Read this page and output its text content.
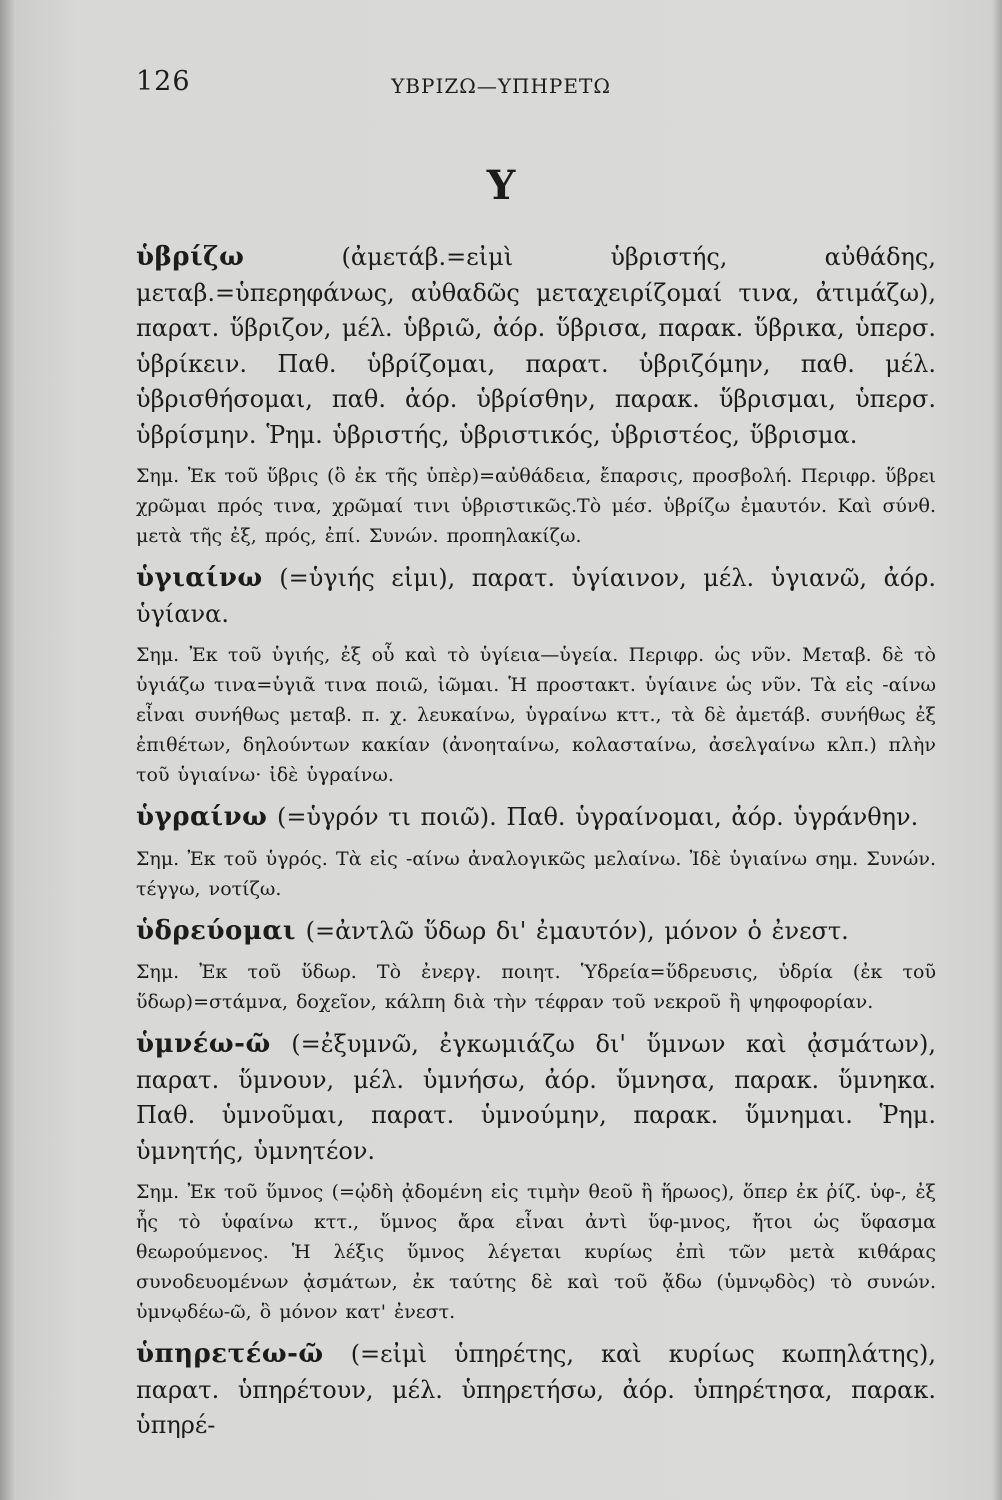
126	ΥΒΡΙΖΩ—ΥΠΗΡΕΤΩ
Υ

ὑβρίζω (ἀμετάβ.=εἰμὶ ὑβριστής, αὐθάδης, μεταβ.=ὑπερηφάνως, αὐθαδῶς μεταχειρίζομαί τινα, ἀτιμάζω), παρατ. ὕβριζον, μέλ. ὑβριῶ, ἀόρ. ὕβρισα, παρακ. ὕβρικα, ὑπερσ. ὑβρίκειν. Παθ. ὑβρίζομαι, παρατ. ὑβριζόμην, παθ. μέλ. ὑβρισθήσομαι, παθ. ἀόρ. ὑβρίσθην, παρακ. ὕβρισμαι, ὑπερσ. ὑβρίσμην. Ῥημ. ὑβριστής, ὑβριστικός, ὑβριστέος, ὕβρισμα.

Σημ. Ἐκ τοῦ ὕβρις (ὃ ἐκ τῆς ὑπὲρ)=αὐθάδεια, ἔπαρσις, προσβολή. Περιφρ. ὕβρει χρῶμαι πρός τινα, χρῶμαί τινι ὑβριστικῶς.Τὸ μέσ. ὑβρίζω ἐμαυτόν. Καὶ σύνθ. μετὰ τῆς ἐξ, πρός, ἐπί. Συνών. προπηλακίζω.

ὑγιαίνω (=ὑγιής εἰμι), παρατ. ὑγίαινον, μέλ. ὑγιανῶ, ἀόρ. ὑγίανα.

Σημ. Ἐκ τοῦ ὑγιής, ἐξ οὗ καὶ τὸ ὑγίεια—ὑγεία. Περιφρ. ὡς νῦν. Μεταβ. δὲ τὸ ὑγιάζω τινα=ὑγιᾶ τινα ποιῶ, ἰῶμαι. Ἡ προστακτ. ὑγίαινε ὡς νῦν. Τὰ εἰς -αίνω εἶναι συνήθως μεταβ. π. χ. λευκαίνω, ὑγραίνω κττ., τὰ δὲ ἀμετάβ. συνήθως ἐξ ἐπιθέτων, δηλούντων κακίαν (ἀνοηταίνω, κολασταίνω, ἀσελγαίνω κλπ.) πλὴν τοῦ ὑγιαίνω· ἰδὲ ὑγραίνω.

ὑγραίνω (=ὑγρόν τι ποιῶ). Παθ. ὑγραίνομαι, ἀόρ. ὑγράνθην.

Σημ. Ἐκ τοῦ ὑγρός. Τὰ εἰς -αίνω ἀναλογικῶς μελαίνω. Ἰδὲ ὑγιαίνω σημ. Συνών. τέγγω, νοτίζω.

ὑδρεύομαι (=ἀντλῶ ὕδωρ δι' ἐμαυτόν), μόνον ὁ ἐνεστ.

Σημ. Ἐκ τοῦ ὕδωρ. Τὸ ἐνεργ. ποιητ. Ὑδρεία=ὕδρευσις, ὑδρία (ἐκ τοῦ ὕδωρ)=στάμνα, δοχεῖον, κάλπη διὰ τὴν τέφραν τοῦ νεκροῦ ἢ ψηφοφορίαν.

ὑμνέω-ῶ (=ἐξυμνῶ, ἐγκωμιάζω δι' ὕμνων καὶ ᾀσμάτων), παρατ. ὕμνουν, μέλ. ὑμνήσω, ἀόρ. ὕμνησα, παρακ. ὕμνηκα. Παθ. ὑμνοῦμαι, παρατ. ὑμνούμην, παρακ. ὕμνημαι. Ῥημ. ὑμνητής, ὑμνητέον.

Σημ. Ἐκ τοῦ ὕμνος (=ᾠδὴ ᾀδομένη εἰς τιμὴν θεοῦ ἢ ἥρωος), ὅπερ ἐκ ῥίζ. ὑφ-, ἐξ ἧς τὸ ὑφαίνω κττ., ὕμνος ἄρα εἶναι ἀντὶ ὕφ-μνος, ἤτοι ὡς ὕφασμα θεωρούμενος. Ἡ λέξις ὕμνος λέγεται κυρίως ἐπὶ τῶν μετὰ κιθάρας συνοδευομένων ᾀσμάτων, ἐκ ταύτης δὲ καὶ τοῦ ᾄδω (ὑμνῳδὸς) τὸ συνών. ὑμνῳδέω-ῶ, ὃ μόνον κατ' ἐνεστ.

ὑπηρετέω-ῶ (=εἰμὶ ὑπηρέτης, καὶ κυρίως κωπηλάτης), παρατ. ὑπηρέτουν, μέλ. ὑπηρετήσω, ἀόρ. ὑπηρέτησα, παρακ. ὑπηρέ-
